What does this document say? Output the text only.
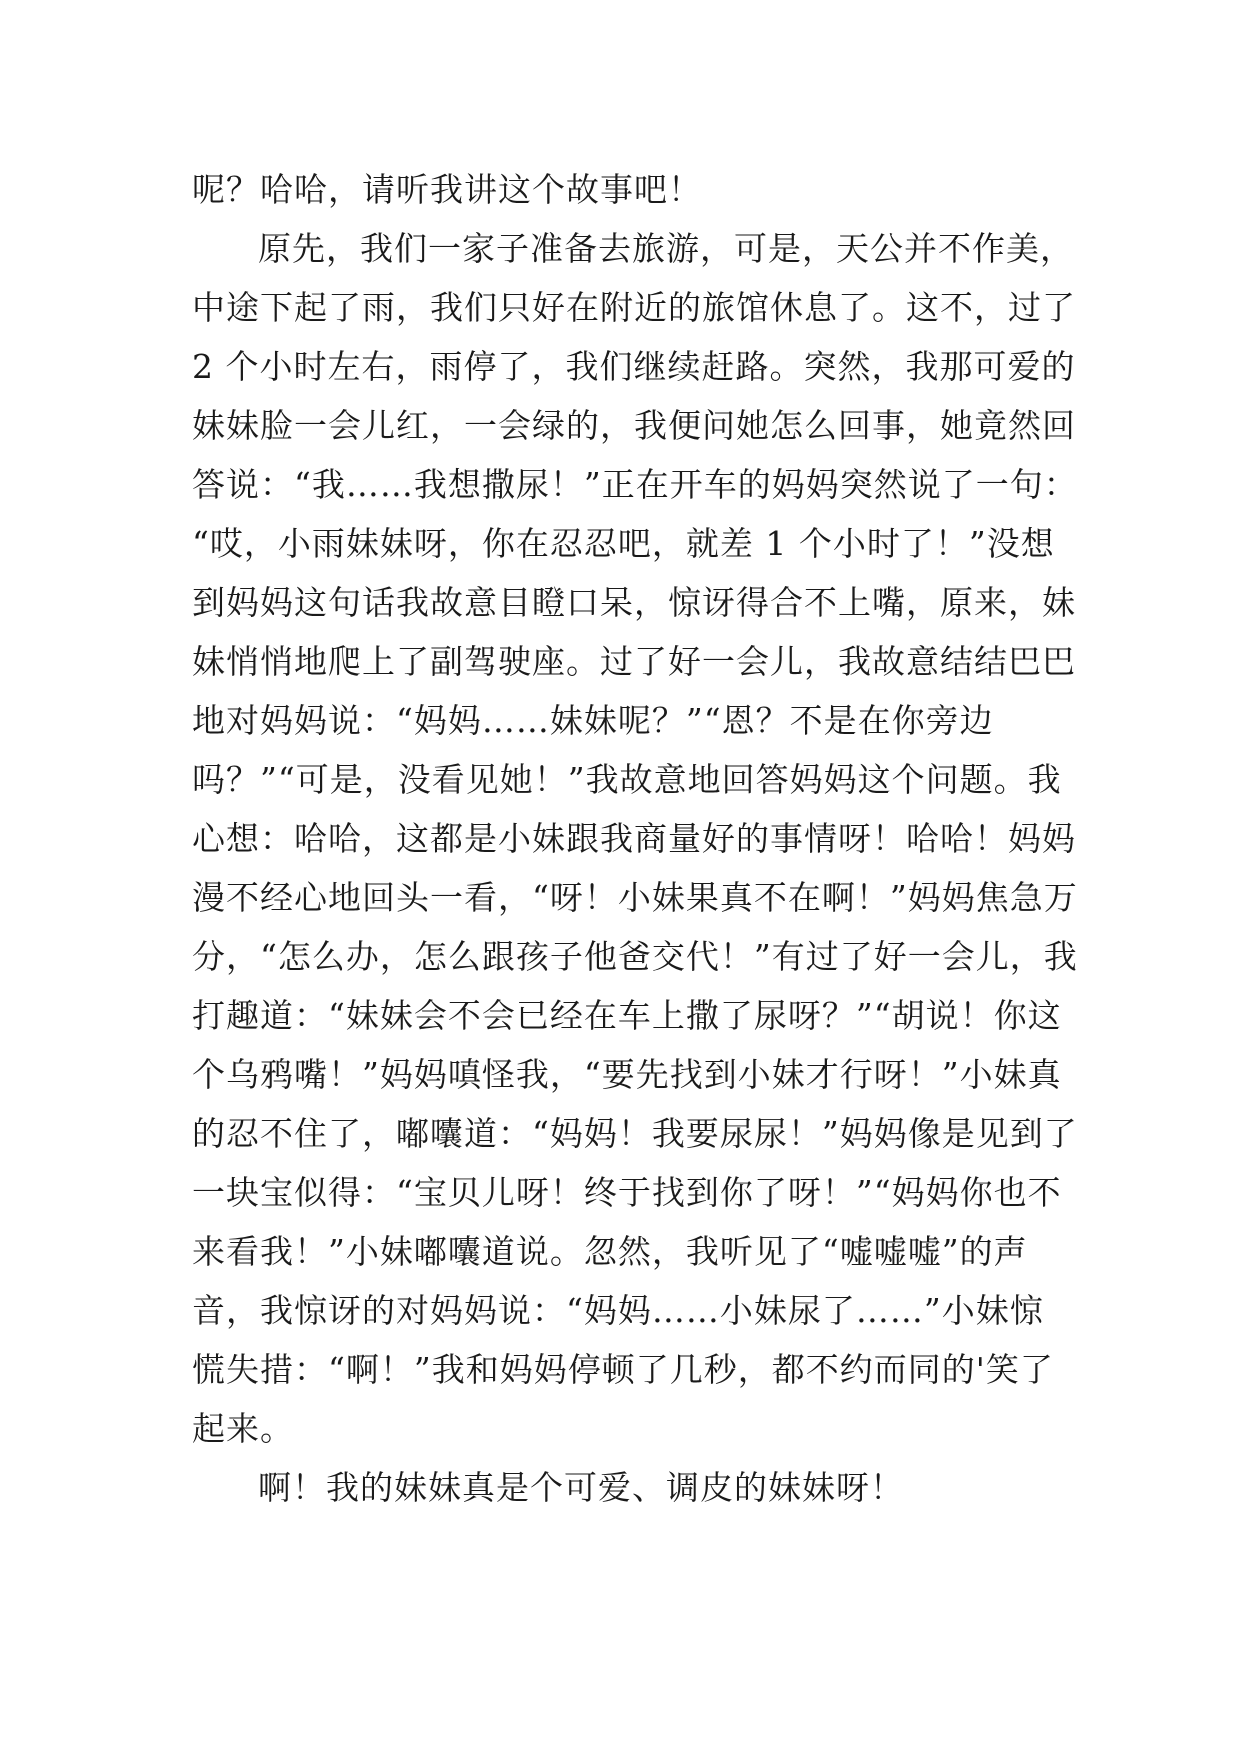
呢？哈哈，请听我讲这个故事吧！

原先，我们一家子准备去旅游，可是，天公并不作美，
中途下起了雨，我们只好在附近的旅馆休息了。这不，过了
2 个小时左右，雨停了，我们继续赶路。突然，我那可爱的
妹妹脸一会儿红，一会绿的，我便问她怎么回事，她竟然回
答说：“我……我想撒尿！”正在开车的妈妈突然说了一句：
“哎，小雨妹妹呀，你在忍忍吧，就差 1 个小时了！”没想
到妈妈这句话我故意目瞪口呆，惊讶得合不上嘴，原来，妹
妹悄悄地爬上了副驾驶座。过了好一会儿，我故意结结巴巴
地对妈妈说：“妈妈……妹妹呢？”“恩？不是在你旁边
吗？”“可是，没看见她！”我故意地回答妈妈这个问题。我
心想：哈哈，这都是小妹跟我商量好的事情呀！哈哈！妈妈
漫不经心地回头一看，“呀！小妹果真不在啊！”妈妈焦急万
分，“怎么办，怎么跟孩子他爸交代！”有过了好一会儿，我
打趣道：“妹妹会不会已经在车上撒了尿呀？”“胡说！你这
个乌鸦嘴！”妈妈嗔怪我，“要先找到小妹才行呀！”小妹真
的忍不住了，嘟囔道：“妈妈！我要尿尿！”妈妈像是见到了
一块宝似得：“宝贝儿呀！终于找到你了呀！”“妈妈你也不
来看我！”小妹嘟囔道说。忽然，我听见了“嘘嘘嘘”的声
音，我惊讶的对妈妈说：“妈妈……小妹尿了……”小妹惊
慌失措：“啊！”我和妈妈停顿了几秒，都不约而同的'笑了
起来。

啊！我的妹妹真是个可爱、调皮的妹妹呀！
